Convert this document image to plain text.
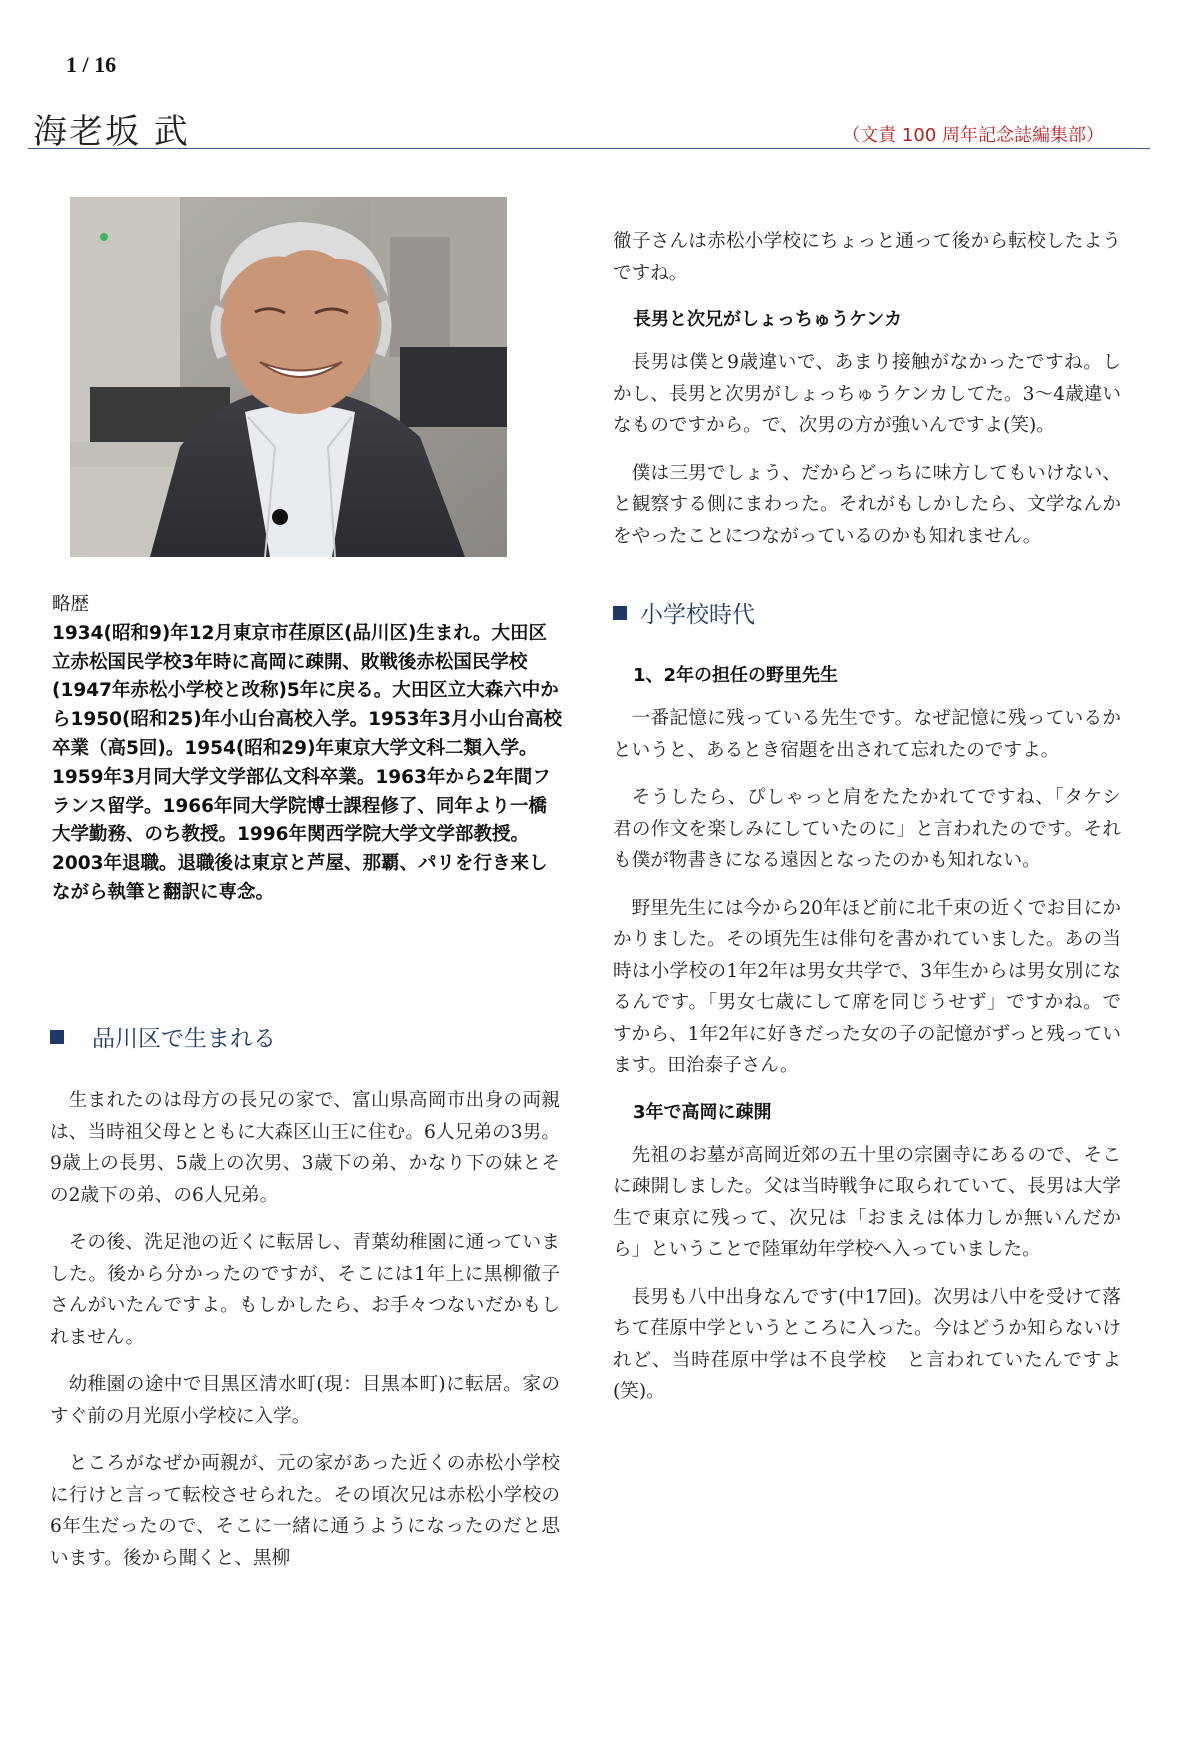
1 / 16
海老坂 武	（文責 100 周年記念誌編集部）

略歴

1934(昭和9)年12月東京市荏原区(品川区)生まれ。大田区立赤松国民学校3年時に高岡に疎開、敗戦後赤松国民学校(1947年赤松小学校と改称)5年に戻る。大田区立大森六中から1950(昭和25)年小山台高校入学。1953年3月小山台高校卒業（高5回)。1954(昭和29)年東京大学文科二類入学。1959年3月同大学文学部仏文科卒業。1963年から2年間フランス留学。1966年同大学院博士課程修了、同年より一橋大学勤務、のち教授。1996年関西学院大学文学部教授。2003年退職。退職後は東京と芦屋、那覇、パリを行き来しながら執筆と翻訳に専念。

品川区で生まれる

生まれたのは母方の長兄の家で、富山県高岡市出身の両親は、当時祖父母とともに大森区山王に住む。6人兄弟の3男。9歳上の長男、5歳上の次男、3歳下の弟、かなり下の妹とその2歳下の弟、の6人兄弟。

その後、洗足池の近くに転居し、青葉幼稚園に通っていました。後から分かったのですが、そこには1年上に黒柳徹子さんがいたんですよ。もしかしたら、お手々つないだかもしれません。

幼稚園の途中で目黒区清水町(現：目黒本町)に転居。家のすぐ前の月光原小学校に入学。

ところがなぜか両親が、元の家があった近くの赤松小学校に行けと言って転校させられた。その頃次兄は赤松小学校の6年生だったので、そこに一緒に通うようになったのだと思います。後から聞くと、黒柳

徹子さんは赤松小学校にちょっと通って後から転校したようですね。

長男と次兄がしょっちゅうケンカ

長男は僕と9歳違いで、あまり接触がなかったですね。しかし、長男と次男がしょっちゅうケンカしてた。3～4歳違いなものですから。で、次男の方が強いんですよ(笑)。

僕は三男でしょう、だからどっちに味方してもいけない、と観察する側にまわった。それがもしかしたら、文学なんかをやったことにつながっているのかも知れません。

小学校時代
1、2年の担任の野里先生

一番記憶に残っている先生です。なぜ記憶に残っているかというと、あるとき宿題を出されて忘れたのですよ。

そうしたら、ぴしゃっと肩をたたかれてですね、「タケシ君の作文を楽しみにしていたのに」と言われたのです。それも僕が物書きになる遠因となったのかも知れない。

野里先生には今から20年ほど前に北千束の近くでお目にかかりました。その頃先生は俳句を書かれていました。あの当時は小学校の1年2年は男女共学で、3年生からは男女別になるんです。「男女七歳にして席を同じうせず」ですかね。ですから、1年2年に好きだった女の子の記憶がずっと残っています。田治泰子さん。

3年で高岡に疎開

先祖のお墓が高岡近郊の五十里の宗園寺にあるので、そこに疎開しました。父は当時戦争に取られていて、長男は大学生で東京に残って、次兄は「おまえは体力しか無いんだから」ということで陸軍幼年学校へ入っていました。

長男も八中出身なんです(中17回)。次男は八中を受けて落ちて荏原中学というところに入った。今はどうか知らないけれど、当時荏原中学は不良学校　と言われていたんですよ(笑)。
